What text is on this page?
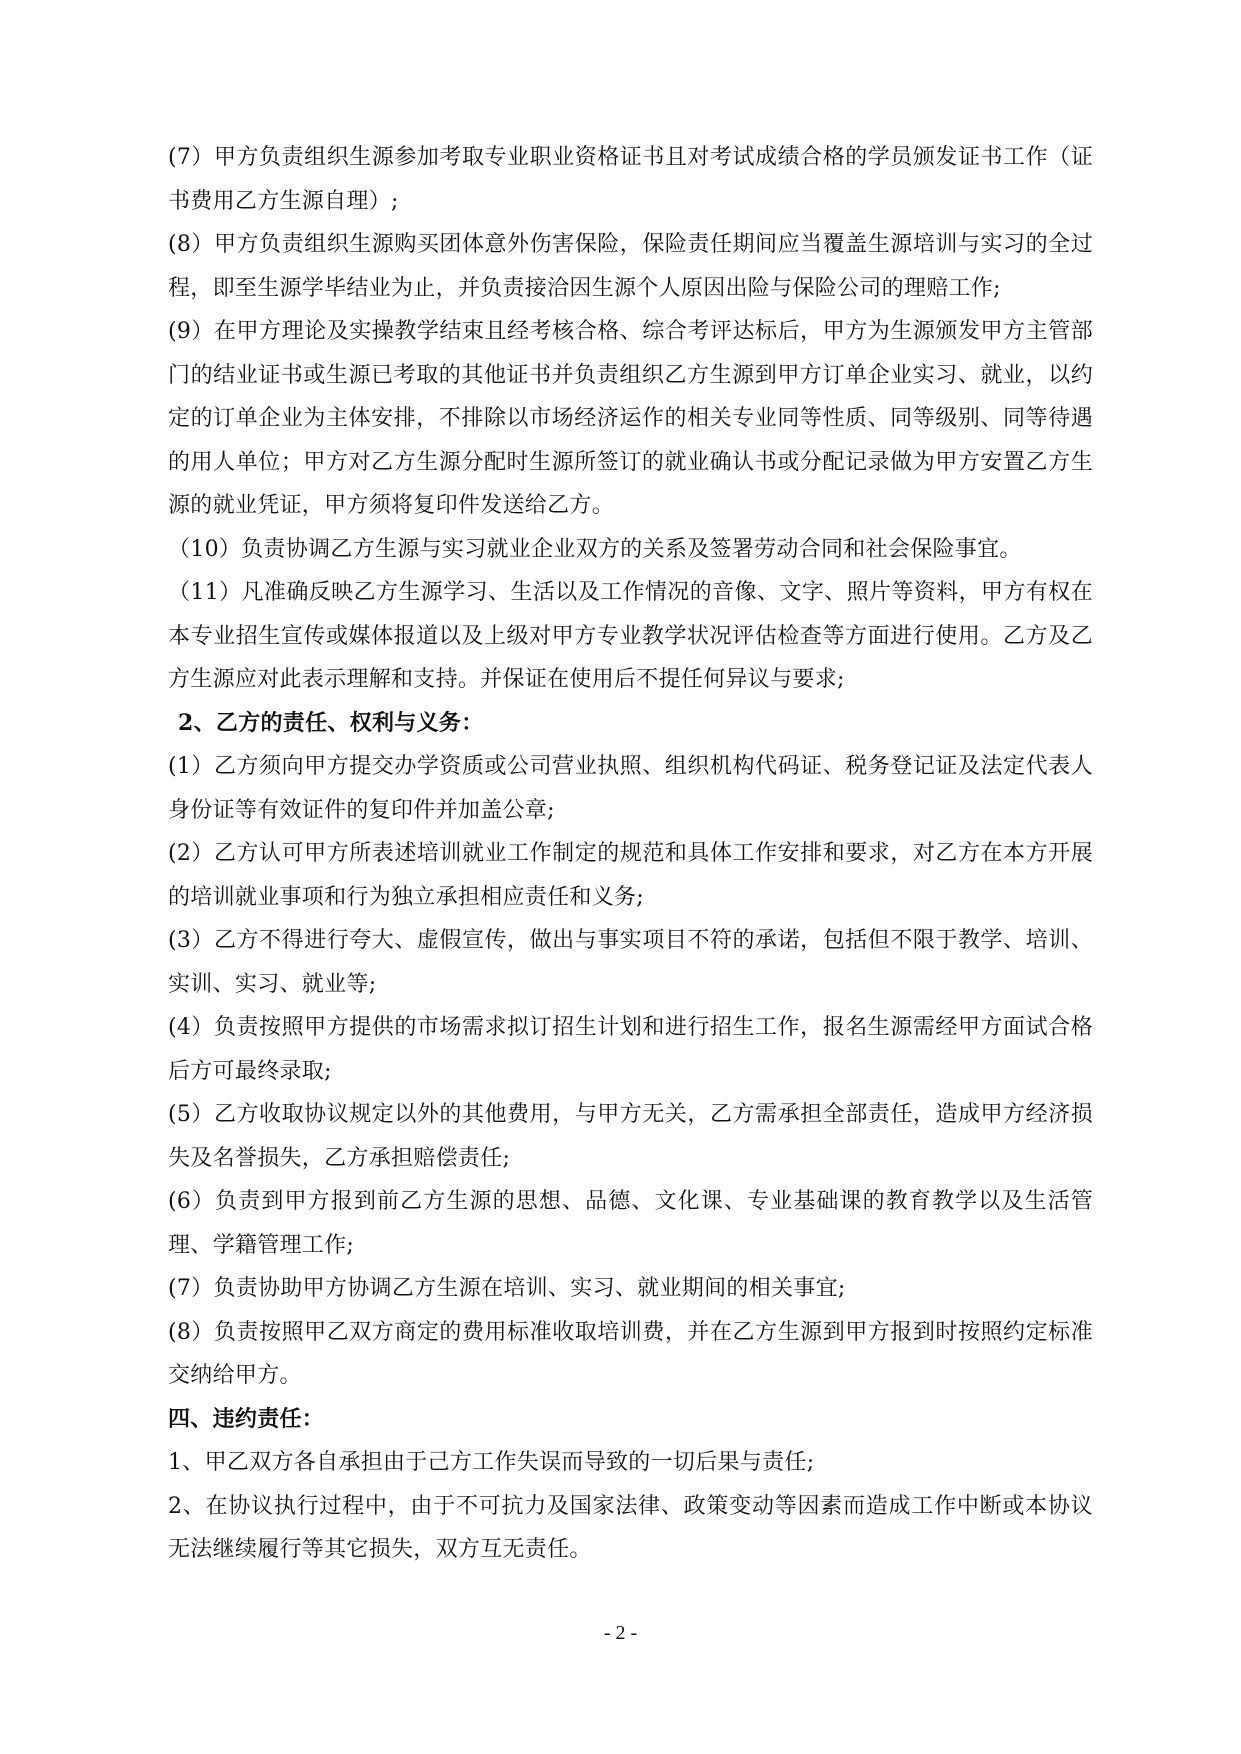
(7）甲方负责组织生源参加考取专业职业资格证书且对考试成绩合格的学员颁发证书工作（证书费用乙方生源自理）;

(8）甲方负责组织生源购买团体意外伤害保险，保险责任期间应当覆盖生源培训与实习的全过程，即至生源学毕结业为止，并负责接洽因生源个人原因出险与保险公司的理赔工作;

(9）在甲方理论及实操教学结束且经考核合格、综合考评达标后，甲方为生源颁发甲方主管部门的结业证书或生源已考取的其他证书并负责组织乙方生源到甲方订单企业实习、就业，以约定的订单企业为主体安排，不排除以市场经济运作的相关专业同等性质、同等级别、同等待遇的用人单位；甲方对乙方生源分配时生源所签订的就业确认书或分配记录做为甲方安置乙方生源的就业凭证，甲方须将复印件发送给乙方。

（10）负责协调乙方生源与实习就业企业双方的关系及签署劳动合同和社会保险事宜。

（11）凡准确反映乙方生源学习、生活以及工作情况的音像、文字、照片等资料，甲方有权在本专业招生宣传或媒体报道以及上级对甲方专业教学状况评估检查等方面进行使用。乙方及乙方生源应对此表示理解和支持。并保证在使用后不提任何异议与要求;

2、乙方的责任、权利与义务：

(1）乙方须向甲方提交办学资质或公司营业执照、组织机构代码证、税务登记证及法定代表人身份证等有效证件的复印件并加盖公章;

(2）乙方认可甲方所表述培训就业工作制定的规范和具体工作安排和要求，对乙方在本方开展的培训就业事项和行为独立承担相应责任和义务;

(3）乙方不得进行夸大、虚假宣传，做出与事实项目不符的承诺，包括但不限于教学、培训、实训、实习、就业等;

(4）负责按照甲方提供的市场需求拟订招生计划和进行招生工作，报名生源需经甲方面试合格后方可最终录取;

(5）乙方收取协议规定以外的其他费用，与甲方无关，乙方需承担全部责任，造成甲方经济损失及名誉损失，乙方承担赔偿责任;

(6）负责到甲方报到前乙方生源的思想、品德、文化课、专业基础课的教育教学以及生活管理、学籍管理工作;

(7）负责协助甲方协调乙方生源在培训、实习、就业期间的相关事宜;

(8）负责按照甲乙双方商定的费用标准收取培训费，并在乙方生源到甲方报到时按照约定标准交纳给甲方。

四、违约责任：

1、甲乙双方各自承担由于己方工作失误而导致的一切后果与责任;

2、在协议执行过程中，由于不可抗力及国家法律、政策变动等因素而造成工作中断或本协议无法继续履行等其它损失，双方互无责任。

- 2 -
